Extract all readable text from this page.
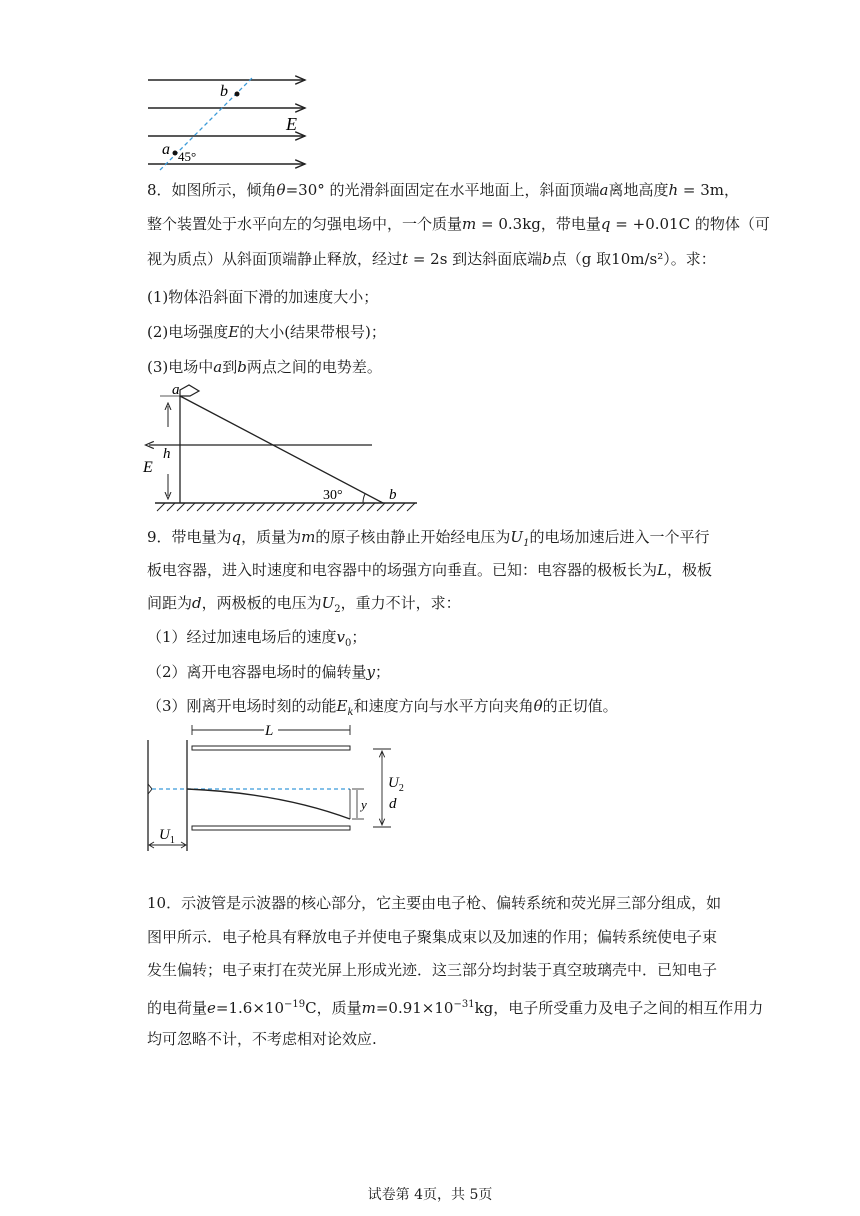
b
E
a 45°
8．如图所示，倾角θ=30° 的光滑斜面固定在水平地面上，斜面顶端a离地高度h = 3m，
整个装置处于水平向左的匀强电场中，一个质量m = 0.3kg，带电量q = +0.01C 的物体（可
视为质点）从斜面顶端静止释放，经过t = 2s 到达斜面底端b点（g 取10m/s²）。求：
(1)物体沿斜面下滑的加速度大小；
(2)电场强度E的大小(结果带根号)；
(3)电场中a到b两点之间的电势差。
a
E
h
30°	b
9．带电量为q，质量为m的原子核由静止开始经电压为$U_1$的电场加速后进入一个平行
板电容器，进入时速度和电容器中的场强方向垂直。已知：电容器的极板长为L，极板
间距为d，两极板的电压为$U_2$，重力不计，求：
（1）经过加速电场后的速度$v_0$；
（2）离开电容器电场时的偏转量y；
（3）刚离开电场时刻的动能$E_k$和速度方向与水平方向夹角θ的正切值。
L
$U_2$
d
y
$U_1$
10．示波管是示波器的核心部分，它主要由电子枪、偏转系统和荧光屏三部分组成，如
图甲所示．电子枪具有释放电子并使电子聚集成束以及加速的作用；偏转系统使电子束
发生偏转；电子束打在荧光屏上形成光迹．这三部分均封装于真空玻璃壳中．已知电子
的电荷量$e=1.6\times 10^{-19}C$，质量$m=0.91\times 10^{-31}kg$，电子所受重力及电子之间的相互作用力
均可忽略不计，不考虑相对论效应.
试卷第 4页，共 5页
